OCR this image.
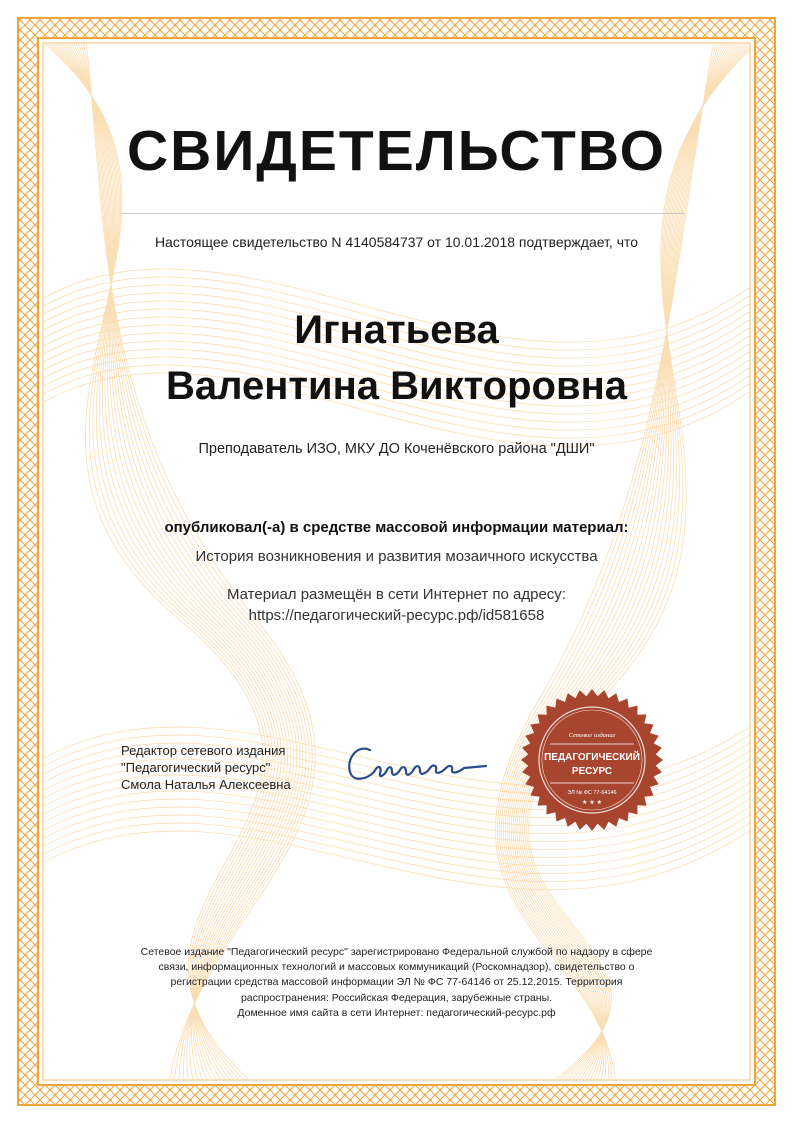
СВИДЕТЕЛЬСТВО
Настоящее свидетельство N 4140584737 от 10.01.2018 подтверждает, что
Игнатьева
Валентина Викторовна
Преподаватель ИЗО, МКУ ДО Коченёвского района "ДШИ"
опубликовал(-а) в средстве массовой информации материал:
История возникновения и развития мозаичного искусства
Материал размещён в сети Интернет по адресу:
https://педагогический-ресурс.рф/id581658
Редактор сетевого издания
"Педагогический ресурс"
Смола Наталья Алексеевна
Сетевое издание
ПЕДАГОГИЧЕСКИЙ
РЕСУРС
ЭЛ № ФС 77-64146
★ ★ ★
Сетевое издание "Педагогический ресурс" зарегистрировано Федеральной службой по надзору в сфере
связи, информационных технологий и массовых коммуникаций (Роскомнадзор), свидетельство о
регистрации средства массовой информации ЭЛ № ФС 77-64146 от 25.12.2015. Территория
распространения: Российская Федерация, зарубежные страны.
Доменное имя сайта в сети Интернет: педагогический-ресурс.рф
